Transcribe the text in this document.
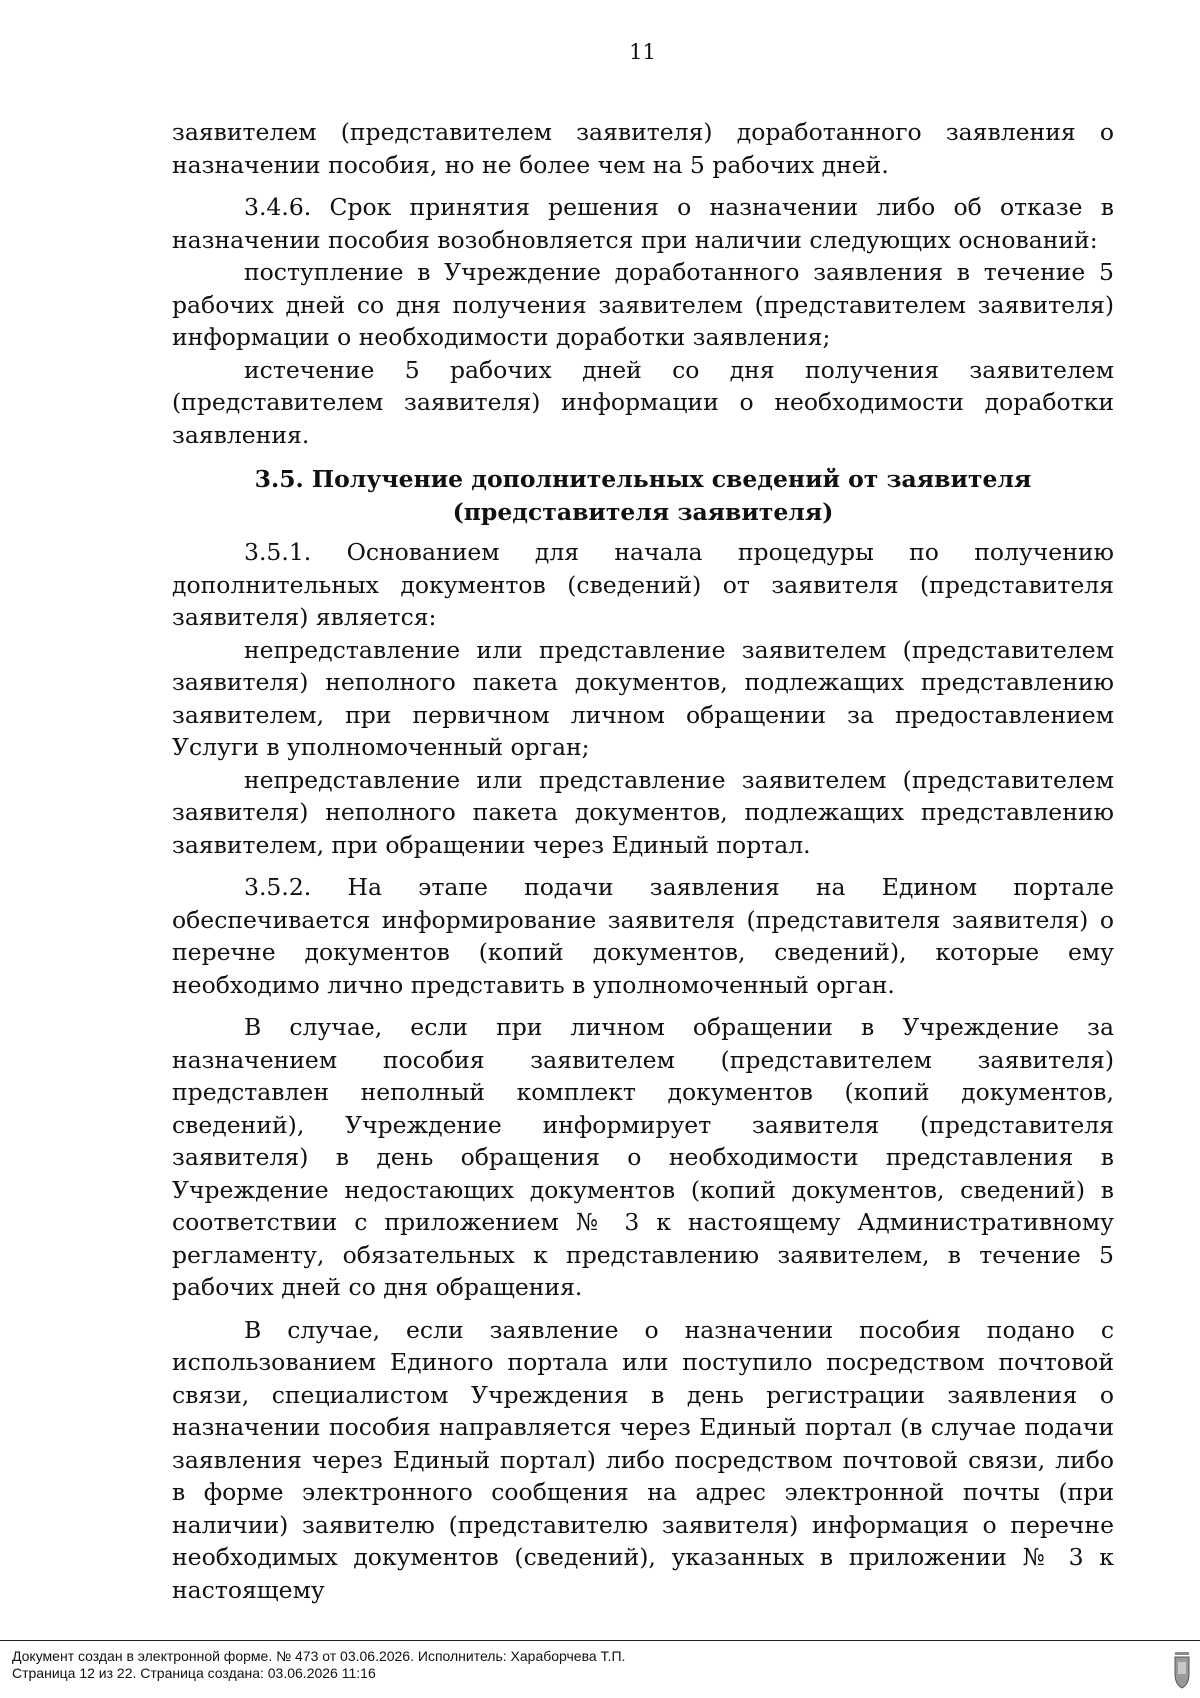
11

заявителем (представителем заявителя) доработанного заявления о назначении пособия, но не более чем на 5 рабочих дней.

3.4.6. Срок принятия решения о назначении либо об отказе в назначении пособия возобновляется при наличии следующих оснований:

поступление в Учреждение доработанного заявления в течение 5 рабочих дней со дня получения заявителем (представителем заявителя) информации о необходимости доработки заявления;

истечение 5 рабочих дней со дня получения заявителем (представителем заявителя) информации о необходимости доработки заявления.

3.5. Получение дополнительных сведений от заявителя (представителя заявителя)

3.5.1. Основанием для начала процедуры по получению дополнительных документов (сведений) от заявителя (представителя заявителя) является:

непредставление или представление заявителем (представителем заявителя) неполного пакета документов, подлежащих представлению заявителем, при первичном личном обращении за предоставлением Услуги в уполномоченный орган;

непредставление или представление заявителем (представителем заявителя) неполного пакета документов, подлежащих представлению заявителем, при обращении через Единый портал.

3.5.2. На этапе подачи заявления на Едином портале обеспечивается информирование заявителя (представителя заявителя) о перечне документов (копий документов, сведений), которые ему необходимо лично представить в уполномоченный орган.

В случае, если при личном обращении в Учреждение за назначением пособия заявителем (представителем заявителя) представлен неполный комплект документов (копий документов, сведений), Учреждение информирует заявителя (представителя заявителя) в день обращения о необходимости представления в Учреждение недостающих документов (копий документов, сведений) в соответствии с приложением № 3 к настоящему Административному регламенту, обязательных к представлению заявителем, в течение 5 рабочих дней со дня обращения.

В случае, если заявление о назначении пособия подано с использованием Единого портала или поступило посредством почтовой связи, специалистом Учреждения в день регистрации заявления о назначении пособия направляется через Единый портал (в случае подачи заявления через Единый портал) либо посредством почтовой связи, либо в форме электронного сообщения на адрес электронной почты (при наличии) заявителю (представителю заявителя) информация о перечне необходимых документов (сведений), указанных в приложении № 3 к настоящему

Документ создан в электронной форме. № 473 от 03.06.2026. Исполнитель: Хараборчева Т.П.
Страница 12 из 22. Страница создана: 03.06.2026 11:16
